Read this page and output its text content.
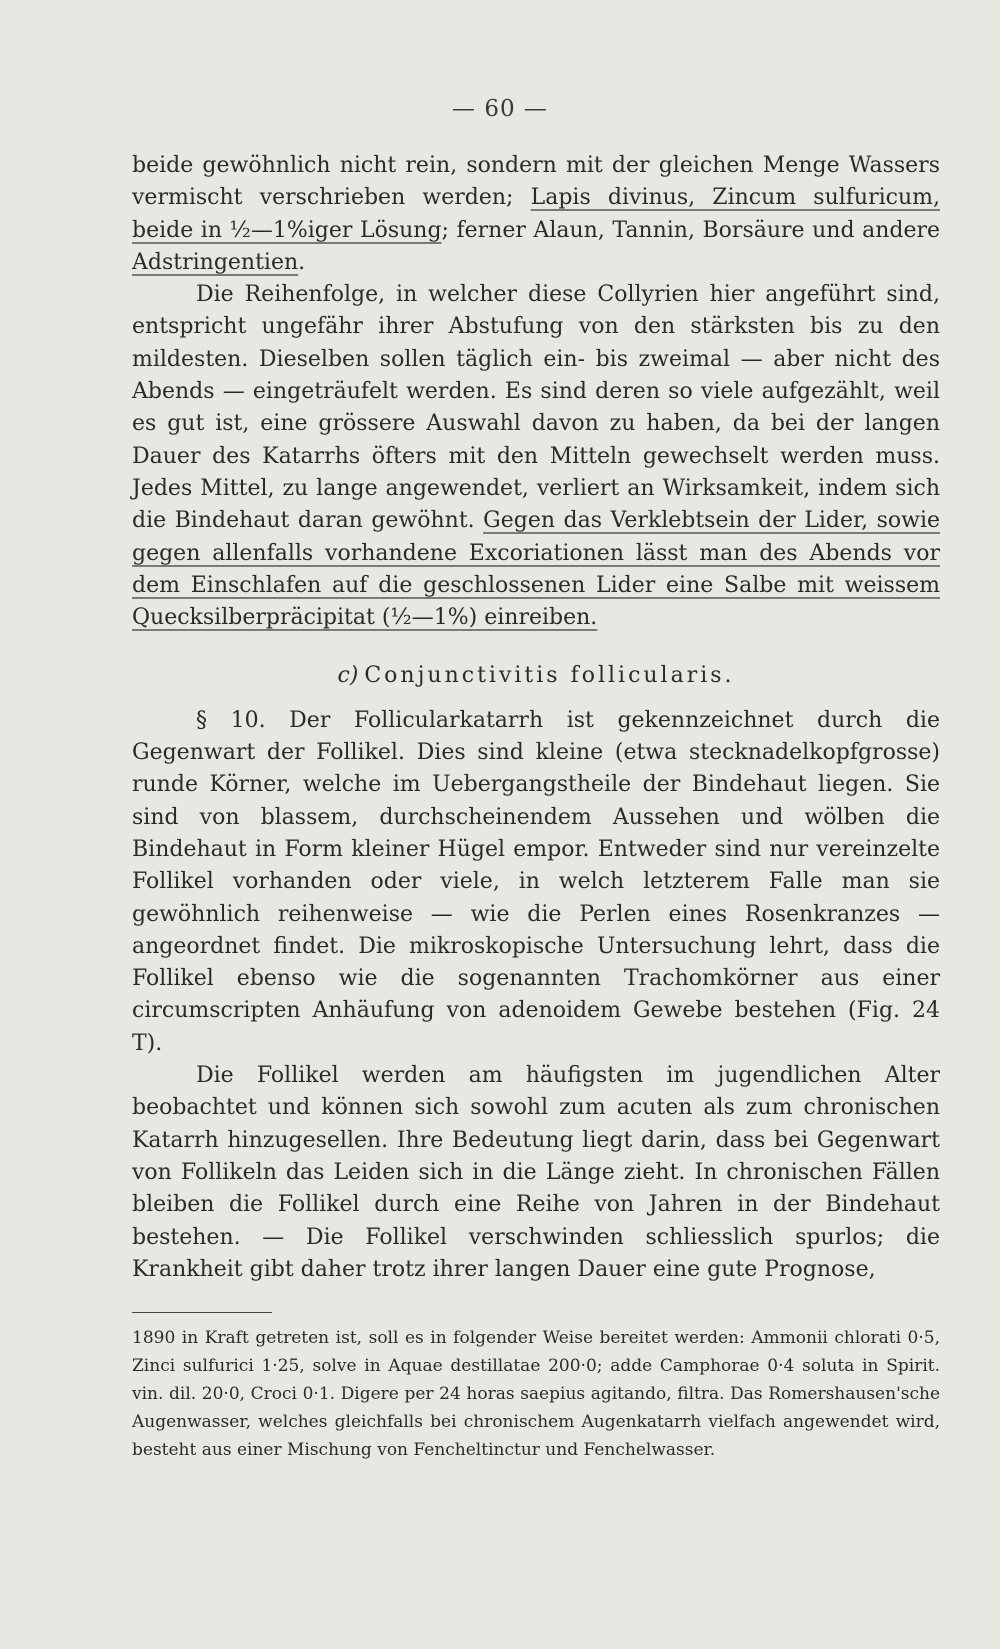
— 60 —

beide gewöhnlich nicht rein, sondern mit der gleichen Menge Wassers vermischt verschrieben werden; Lapis divinus, Zincum sulfuricum, beide in ½—1%iger Lösung; ferner Alaun, Tannin, Borsäure und andere Adstringentien.

Die Reihenfolge, in welcher diese Collyrien hier angeführt sind, entspricht ungefähr ihrer Abstufung von den stärksten bis zu den mildesten. Dieselben sollen täglich ein- bis zweimal — aber nicht des Abends — eingeträufelt werden. Es sind deren so viele aufgezählt, weil es gut ist, eine grössere Auswahl davon zu haben, da bei der langen Dauer des Katarrhs öfters mit den Mitteln gewechselt werden muss. Jedes Mittel, zu lange angewendet, verliert an Wirksamkeit, indem sich die Bindehaut daran gewöhnt. Gegen das Verklebtsein der Lider, sowie gegen allenfalls vorhandene Excoriationen lässt man des Abends vor dem Einschlafen auf die geschlossenen Lider eine Salbe mit weissem Quecksilberpräcipitat (½—1%) einreiben.

c) Conjunctivitis follicularis.

§ 10. Der Follicularkatarrh ist gekennzeichnet durch die Gegenwart der Follikel. Dies sind kleine (etwa stecknadelkopfgrosse) runde Körner, welche im Uebergangstheile der Bindehaut liegen. Sie sind von blassem, durchscheinendem Aussehen und wölben die Bindehaut in Form kleiner Hügel empor. Entweder sind nur vereinzelte Follikel vorhanden oder viele, in welch letzterem Falle man sie gewöhnlich reihenweise — wie die Perlen eines Rosenkranzes — angeordnet findet. Die mikroskopische Untersuchung lehrt, dass die Follikel ebenso wie die sogenannten Trachomkörner aus einer circumscripten Anhäufung von adenoidem Gewebe bestehen (Fig. 24 T).

Die Follikel werden am häufigsten im jugendlichen Alter beobachtet und können sich sowohl zum acuten als zum chronischen Katarrh hinzugesellen. Ihre Bedeutung liegt darin, dass bei Gegenwart von Follikeln das Leiden sich in die Länge zieht. In chronischen Fällen bleiben die Follikel durch eine Reihe von Jahren in der Bindehaut bestehen. — Die Follikel verschwinden schliesslich spurlos; die Krankheit gibt daher trotz ihrer langen Dauer eine gute Prognose,

1890 in Kraft getreten ist, soll es in folgender Weise bereitet werden: Ammonii chlorati 0·5, Zinci sulfurici 1·25, solve in Aquae destillatae 200·0; adde Camphorae 0·4 soluta in Spirit. vin. dil. 20·0, Croci 0·1. Digere per 24 horas saepius agitando, filtra. Das Romershausen'sche Augenwasser, welches gleichfalls bei chronischem Augenkatarrh vielfach angewendet wird, besteht aus einer Mischung von Fencheltinctur und Fenchelwasser.
